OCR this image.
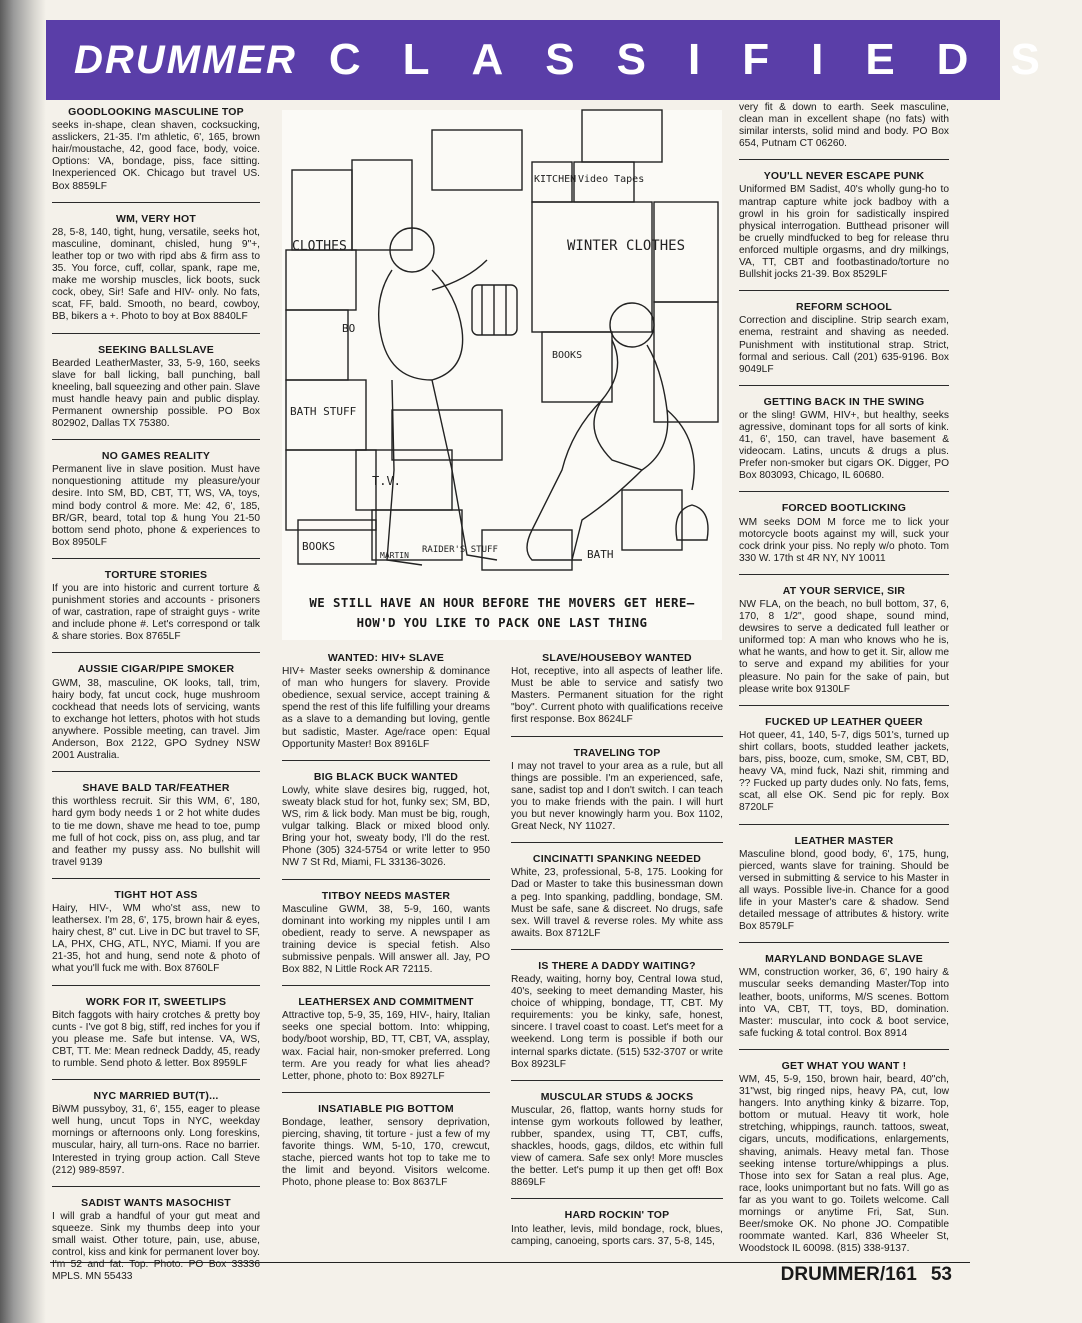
DRUMMER CLASSIFIEDS
GOODLOOKING MASCULINE TOP

seeks in-shape, clean shaven, cocksucking, asslickers, 21-35. I'm athletic, 6', 165, brown hair/moustache, 42, good face, body, voice. Options: VA, bondage, piss, face sitting. Inexperienced OK. Chicago but travel US. Box 8859LF

WM, VERY HOT

28, 5-8, 140, tight, hung, versatile, seeks hot, masculine, dominant, chisled, hung 9"+, leather top or two with ripd abs & firm ass to 35. You force, cuff, collar, spank, rape me, make me worship muscles, lick boots, suck cock, obey, Sir! Safe and HIV- only. No fats, scat, FF, bald. Smooth, no beard, cowboy, BB, bikers a +. Photo to boy at Box 8840LF

SEEKING BALLSLAVE

Bearded LeatherMaster, 33, 5-9, 160, seeks slave for ball licking, ball punching, ball kneeling, ball squeezing and other pain. Slave must handle heavy pain and public display. Permanent ownership possible. PO Box 802902, Dallas TX 75380.

NO GAMES REALITY

Permanent live in slave position. Must have nonquestioning attitude my pleasure/your desire. Into SM, BD, CBT, TT, WS, VA, toys, mind body control & more. Me: 42, 6', 185, BR/GR, beard, total top & hung You 21-50 bottom send photo, phone & experiences to Box 8950LF

TORTURE STORIES

If you are into historic and current torture & punishment stories and accounts - prisoners of war, castration, rape of straight guys - write and include phone #. Let's correspond or talk & share stories. Box 8765LF

AUSSIE CIGAR/PIPE SMOKER

GWM, 38, masculine, OK looks, tall, trim, hairy body, fat uncut cock, huge mushroom cockhead that needs lots of servicing, wants to exchange hot letters, photos with hot studs anywhere. Possible meeting, can travel. Jim Anderson, Box 2122, GPO Sydney NSW 2001 Australia.

SHAVE BALD TAR/FEATHER

this worthless recruit. Sir this WM, 6', 180, hard gym body needs 1 or 2 hot white dudes to tie me down, shave me head to toe, pump me full of hot cock, piss on, ass plug, and tar and feather my pussy ass. No bullshit will travel 9139

TIGHT HOT ASS

Hairy, HIV-, WM who'st ass, new to leathersex. I'm 28, 6', 175, brown hair & eyes, hairy chest, 8" cut. Live in DC but travel to SF, LA, PHX, CHG, ATL, NYC, Miami. If you are 21-35, hot and hung, send note & photo of what you'll fuck me with. Box 8760LF

WORK FOR IT, SWEETLIPS

Bitch faggots with hairy crotches & pretty boy cunts - I've got 8 big, stiff, red inches for you if you please me. Safe but intense. VA, WS, CBT, TT. Me: Mean redneck Daddy, 45, ready to rumble. Send photo & letter. Box 8959LF

NYC MARRIED BUT(T)...

BiWM pussyboy, 31, 6', 155, eager to please well hung, uncut Tops in NYC, weekday mornings or afternoons only. Long foreskins, muscular, hairy, all turn-ons. Race no barrier. Interested in trying group action. Call Steve (212) 989-8597.

SADIST WANTS MASOCHIST

I will grab a handful of your gut meat and squeeze. Sink my thumbs deep into your small waist. Other toture, pain, use, abuse, control, kiss and kink for permanent lover boy. I'm 52 and fat. Top. Photo. PO Box 33336 MPLS. MN 55433

CLOTHES
KITCHEN Video Tapes
WINTER CLOTHES
BOOKS
BATH STUFF
T.V.
BOOKS
MARTIN
RAIDER'S STUFF	BATH
BO
WE STILL HAVE AN HOUR BEFORE THE MOVERS GET HERE—
HOW'D YOU LIKE TO PACK ONE LAST THING
WANTED: HIV+ SLAVE

HIV+ Master seeks ownership & dominance of man who hungers for slavery. Provide obedience, sexual service, accept training & spend the rest of this life fulfilling your dreams as a slave to a demanding but loving, gentle but sadistic, Master. Age/race open: Equal Opportunity Master! Box 8916LF

BIG BLACK BUCK WANTED

Lowly, white slave desires big, rugged, hot, sweaty black stud for hot, funky sex; SM, BD, WS, rim & lick body. Man must be big, rough, vulgar talking. Black or mixed blood only. Bring your hot, sweaty body, I'll do the rest. Phone (305) 324-5754 or write letter to 950 NW 7 St Rd, Miami, FL 33136-3026.

TITBOY NEEDS MASTER

Masculine GWM, 38, 5-9, 160, wants dominant into working my nipples until I am obedient, ready to serve. A newspaper as training device is special fetish. Also submissive penpals. Will answer all. Jay, PO Box 882, N Little Rock AR 72115.

LEATHERSEX AND COMMITMENT

Attractive top, 5-9, 35, 169, HIV-, hairy, Italian seeks one special bottom. Into: whipping, body/boot worship, BD, TT, CBT, VA, assplay, wax. Facial hair, non-smoker preferred. Long term. Are you ready for what lies ahead? Letter, phone, photo to: Box 8927LF

INSATIABLE PIG BOTTOM

Bondage, leather, sensory deprivation, piercing, shaving, tit torture - just a few of my favorite things. WM, 5-10, 170, crewcut, stache, pierced wants hot top to take me to the limit and beyond. Visitors welcome. Photo, phone please to: Box 8637LF

SLAVE/HOUSEBOY WANTED

Hot, receptive, into all aspects of leather life. Must be able to service and satisfy two Masters. Permanent situation for the right "boy". Current photo with qualifications receive first response. Box 8624LF

TRAVELING TOP

I may not travel to your area as a rule, but all things are possible. I'm an experienced, safe, sane, sadist top and I don't switch. I can teach you to make friends with the pain. I will hurt you but never knowingly harm you. Box 1102, Great Neck, NY 11027.

CINCINATTI SPANKING NEEDED

White, 23, professional, 5-8, 175. Looking for Dad or Master to take this businessman down a peg. Into spanking, paddling, bondage, SM. Must be safe, sane & discreet. No drugs, safe sex. Will travel & reverse roles. My white ass awaits. Box 8712LF

IS THERE A DADDY WAITING?

Ready, waiting, horny boy, Central Iowa stud, 40's, seeking to meet demanding Master, his choice of whipping, bondage, TT, CBT. My requirements: you be kinky, safe, honest, sincere. I travel coast to coast. Let's meet for a weekend. Long term is possible if both our internal sparks dictate. (515) 532-3707 or write Box 8923LF

MUSCULAR STUDS & JOCKS

Muscular, 26, flattop, wants horny studs for intense gym workouts followed by leather, rubber, spandex, using TT, CBT, cuffs, shackles, hoods, gags, dildos, etc within full view of camera. Safe sex only! More muscles the better. Let's pump it up then get off! Box 8869LF

HARD ROCKIN' TOP

Into leather, levis, mild bondage, rock, blues, camping, canoeing, sports cars. 37, 5-8, 145,

very fit & down to earth. Seek masculine, clean man in excellent shape (no fats) with similar intersts, solid mind and body. PO Box 654, Putnam CT 06260.

YOU'LL NEVER ESCAPE PUNK

Uniformed BM Sadist, 40's wholly gung-ho to mantrap capture white jock badboy with a growl in his groin for sadistically inspired physical interrogation. Butthead prisoner will be cruelly mindfucked to beg for release thru enforced multiple orgasms, and dry milkings, VA, TT, CBT and footbastinado/torture no Bullshit jocks 21-39. Box 8529LF

REFORM SCHOOL

Correction and discipline. Strip search exam, enema, restraint and shaving as needed. Punishment with institutional strap. Strict, formal and serious. Call (201) 635-9196. Box 9049LF

GETTING BACK IN THE SWING

or the sling! GWM, HIV+, but healthy, seeks agressive, dominant tops for all sorts of kink. 41, 6', 150, can travel, have basement & videocam. Latins, uncuts & drugs a plus. Prefer non-smoker but cigars OK. Digger, PO Box 803093, Chicago, IL 60680.

FORCED BOOTLICKING

WM seeks DOM M force me to lick your motorcycle boots against my will, suck your cock drink your piss. No reply w/o photo. Tom 330 W. 17th st 4R NY, NY 10011

AT YOUR SERVICE, SIR

NW FLA, on the beach, no bull bottom, 37, 6, 170, 8 1/2", good shape, sound mind, dewsires to serve a dedicated full leather or uniformed top: A man who knows who he is, what he wants, and how to get it. Sir, allow me to serve and expand my abilities for your pleasure. No pain for the sake of pain, but please write box 9130LF

FUCKED UP LEATHER QUEER

Hot queer, 41, 140, 5-7, digs 501's, turned up shirt collars, boots, studded leather jackets, bars, piss, booze, cum, smoke, SM, CBT, BD, heavy VA, mind fuck, Nazi shit, rimming and ?? Fucked up party dudes only. No fats, fems, scat, all else OK. Send pic for reply. Box 8720LF

LEATHER MASTER

Masculine blond, good body, 6', 175, hung, pierced, wants slave for training. Should be versed in submitting & service to his Master in all ways. Possible live-in. Chance for a good life in your Master's care & shadow. Send detailed message of attributes & history. write Box 8579LF

MARYLAND BONDAGE SLAVE

WM, construction worker, 36, 6', 190 hairy & muscular seeks demanding Master/Top into leather, boots, uniforms, M/S scenes. Bottom into VA, CBT, TT, toys, BD, domination. Master: muscular, into cock & boot service, safe fucking & total control. Box 8914

GET WHAT YOU WANT !

WM, 45, 5-9, 150, brown hair, beard, 40"ch, 31"wst, big ringed nips, heavy PA, cut, low hangers. Into anything kinky & bizarre. Top, bottom or mutual. Heavy tit work, hole stretching, whippings, raunch. tattoos, sweat, cigars, uncuts, modifications, enlargements, shaving, animals. Heavy metal fan. Those seeking intense torture/whippings a plus. Those into sex for Satan a real plus. Age, race, looks unimportant but no fats. Will go as far as you want to go. Toilets welcome. Call mornings or anytime Fri, Sat, Sun. Beer/smoke OK. No phone JO. Compatible roommate wanted. Karl, 836 Wheeler St, Woodstock IL 60098. (815) 338-9137.

DRUMMER/161 53
